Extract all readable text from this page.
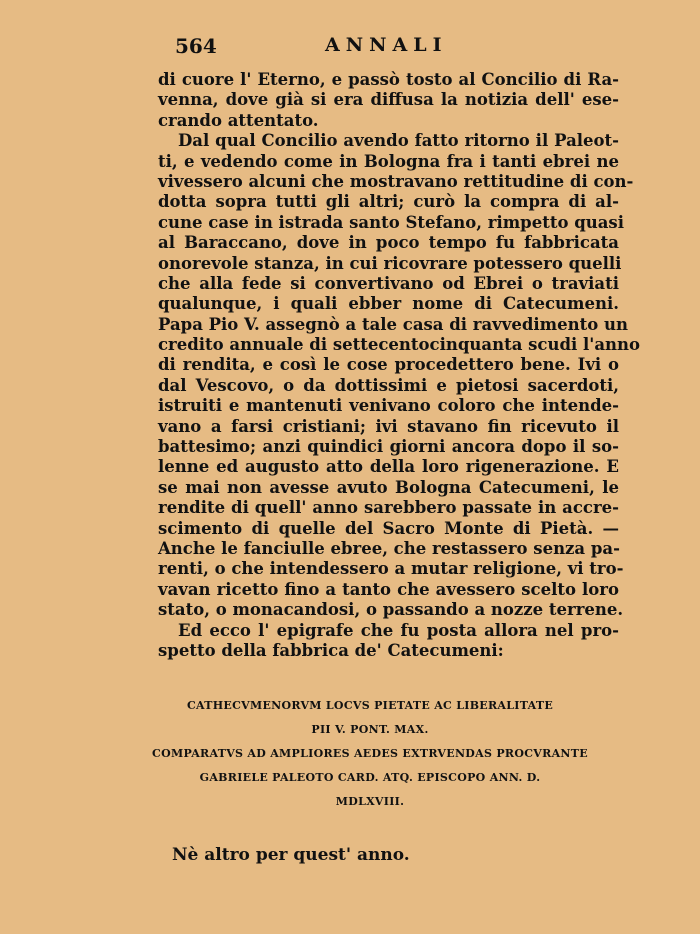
564	ANNALI
di cuore l' Eterno, e passò tosto al Concilio di Ra-
venna, dove già si era diffusa la notizia dell' ese-
crando attentato.
Dal qual Concilio avendo fatto ritorno il Paleot-
ti, e vedendo come in Bologna fra i tanti ebrei ne
vivessero alcuni che mostravano rettitudine di con-
dotta sopra tutti gli altri; curò la compra di al-
cune case in istrada santo Stefano, rimpetto quasi
al Baraccano, dove in poco tempo fu fabbricata
onorevole stanza, in cui ricovrare potessero quelli
che alla fede si convertivano od Ebrei o traviati
qualunque, i quali ebber nome di Catecumeni.
Papa Pio V. assegnò a tale casa di ravvedimento un
credito annuale di settecentocinquanta scudi l'anno
di rendita, e così le cose procedettero bene. Ivi o
dal Vescovo, o da dottissimi e pietosi sacerdoti,
istruiti e mantenuti venivano coloro che intende-
vano a farsi cristiani; ivi stavano fin ricevuto il
battesimo; anzi quindici giorni ancora dopo il so-
lenne ed augusto atto della loro rigenerazione. E
se mai non avesse avuto Bologna Catecumeni, le
rendite di quell' anno sarebbero passate in accre-
scimento di quelle del Sacro Monte di Pietà. —
Anche le fanciulle ebree, che restassero senza pa-
renti, o che intendessero a mutar religione, vi tro-
vavan ricetto fino a tanto che avessero scelto loro
stato, o monacandosi, o passando a nozze terrene.
Ed ecco l' epigrafe che fu posta allora nel pro-
spetto della fabbrica de' Catecumeni:
CATHECVMENORVM LOCVS PIETATE AC LIBERALITATE
PII V. PONT. MAX.
COMPARATVS AD AMPLIORES AEDES EXTRVENDAS PROCVRANTE
GABRIELE PALEOTO CARD. ATQ. EPISCOPO ANN. D.
MDLXVIII.
Nè altro per quest' anno.
